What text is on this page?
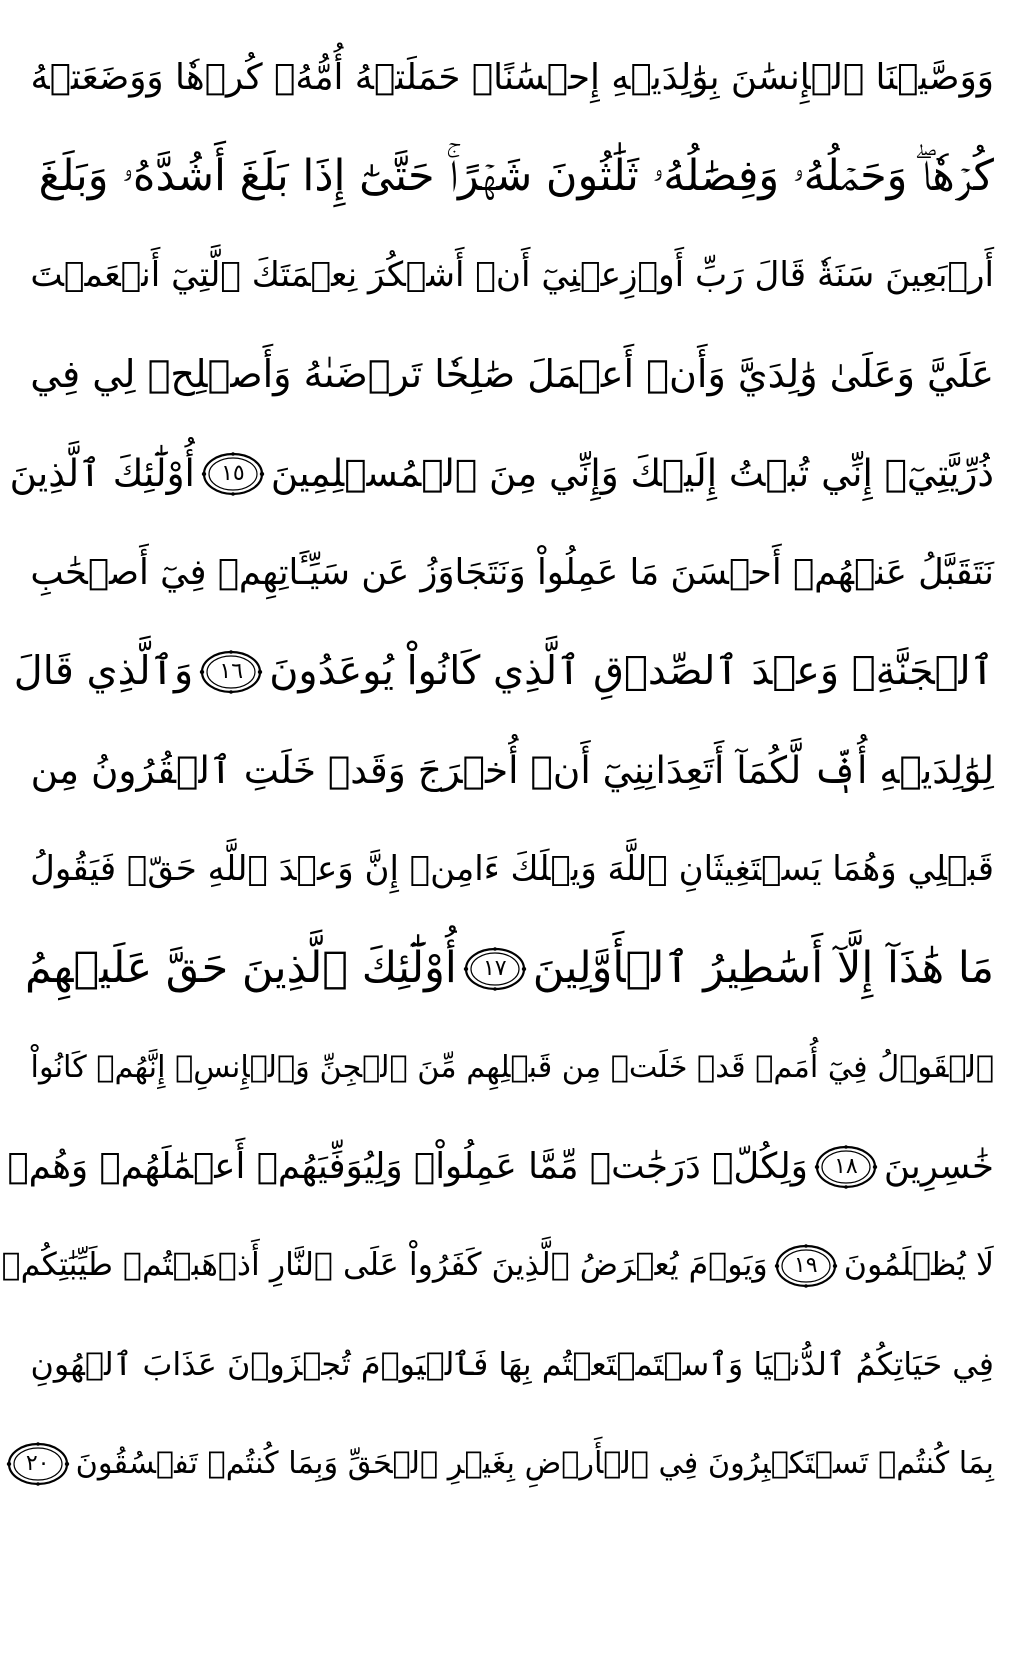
وَوَصَّيۡنَا ٱلۡإِنسَٰنَ بِوَٰلِدَيۡهِ إِحۡسَٰنًاۖ حَمَلَتۡهُ أُمُّهُۥ كُرۡهٗا وَوَضَعَتۡهُ
كُرۡهٗاۖ وَحَمۡلُهُۥ وَفِصَٰلُهُۥ ثَلَٰثُونَ شَهۡرًاۚ حَتَّىٰٓ إِذَا بَلَغَ أَشُدَّهُۥ وَبَلَغَ
أَرۡبَعِينَ سَنَةٗ قَالَ رَبِّ أَوۡزِعۡنِيٓ أَنۡ أَشۡكُرَ نِعۡمَتَكَ ٱلَّتِيٓ أَنۡعَمۡتَ
عَلَيَّ وَعَلَىٰ وَٰلِدَيَّ وَأَنۡ أَعۡمَلَ صَٰلِحٗا تَرۡضَىٰهُ وَأَصۡلِحۡ لِي فِي
ذُرِّيَّتِيٓۖ إِنِّي تُبۡتُ إِلَيۡكَ وَإِنِّي مِنَ ٱلۡمُسۡلِمِينَ
١٥
أُوْلَٰٓئِكَ ٱلَّذِينَ
نَتَقَبَّلُ عَنۡهُمۡ أَحۡسَنَ مَا عَمِلُواْ وَنَتَجَاوَزُ عَن سَيِّـَٔاتِهِمۡ فِيٓ أَصۡحَٰبِ
ٱلۡجَنَّةِۖ وَعۡدَ ٱلصِّدۡقِ ٱلَّذِي كَانُواْ يُوعَدُونَ
١٦
وَٱلَّذِي قَالَ
لِوَٰلِدَيۡهِ أُفّٖ لَّكُمَآ أَتَعِدَانِنِيٓ أَنۡ أُخۡرَجَ وَقَدۡ خَلَتِ ٱلۡقُرُونُ مِن
قَبۡلِي وَهُمَا يَسۡتَغِيثَانِ ٱللَّهَ وَيۡلَكَ ءَامِنۡ إِنَّ وَعۡدَ ٱللَّهِ حَقّٞ فَيَقُولُ
مَا هَٰذَآ إِلَّآ أَسَٰطِيرُ ٱلۡأَوَّلِينَ
١٧
أُوْلَٰٓئِكَ ٱلَّذِينَ حَقَّ عَلَيۡهِمُ
ٱلۡقَوۡلُ فِيٓ أُمَمٖ قَدۡ خَلَتۡ مِن قَبۡلِهِم مِّنَ ٱلۡجِنِّ وَٱلۡإِنسِۖ إِنَّهُمۡ كَانُواْ
خَٰسِرِينَ
١٨
وَلِكُلّٖ دَرَجَٰتٞ مِّمَّا عَمِلُواْۖ وَلِيُوَفِّيَهُمۡ أَعۡمَٰلَهُمۡ وَهُمۡ
لَا يُظۡلَمُونَ
١٩
وَيَوۡمَ يُعۡرَضُ ٱلَّذِينَ كَفَرُواْ عَلَى ٱلنَّارِ أَذۡهَبۡتُمۡ طَيِّبَٰتِكُمۡ
فِي حَيَاتِكُمُ ٱلدُّنۡيَا وَٱسۡتَمۡتَعۡتُم بِهَا فَٱلۡيَوۡمَ تُجۡزَوۡنَ عَذَابَ ٱلۡهُونِ
بِمَا كُنتُمۡ تَسۡتَكۡبِرُونَ فِي ٱلۡأَرۡضِ بِغَيۡرِ ٱلۡحَقِّ وَبِمَا كُنتُمۡ تَفۡسُقُونَ
٢٠
